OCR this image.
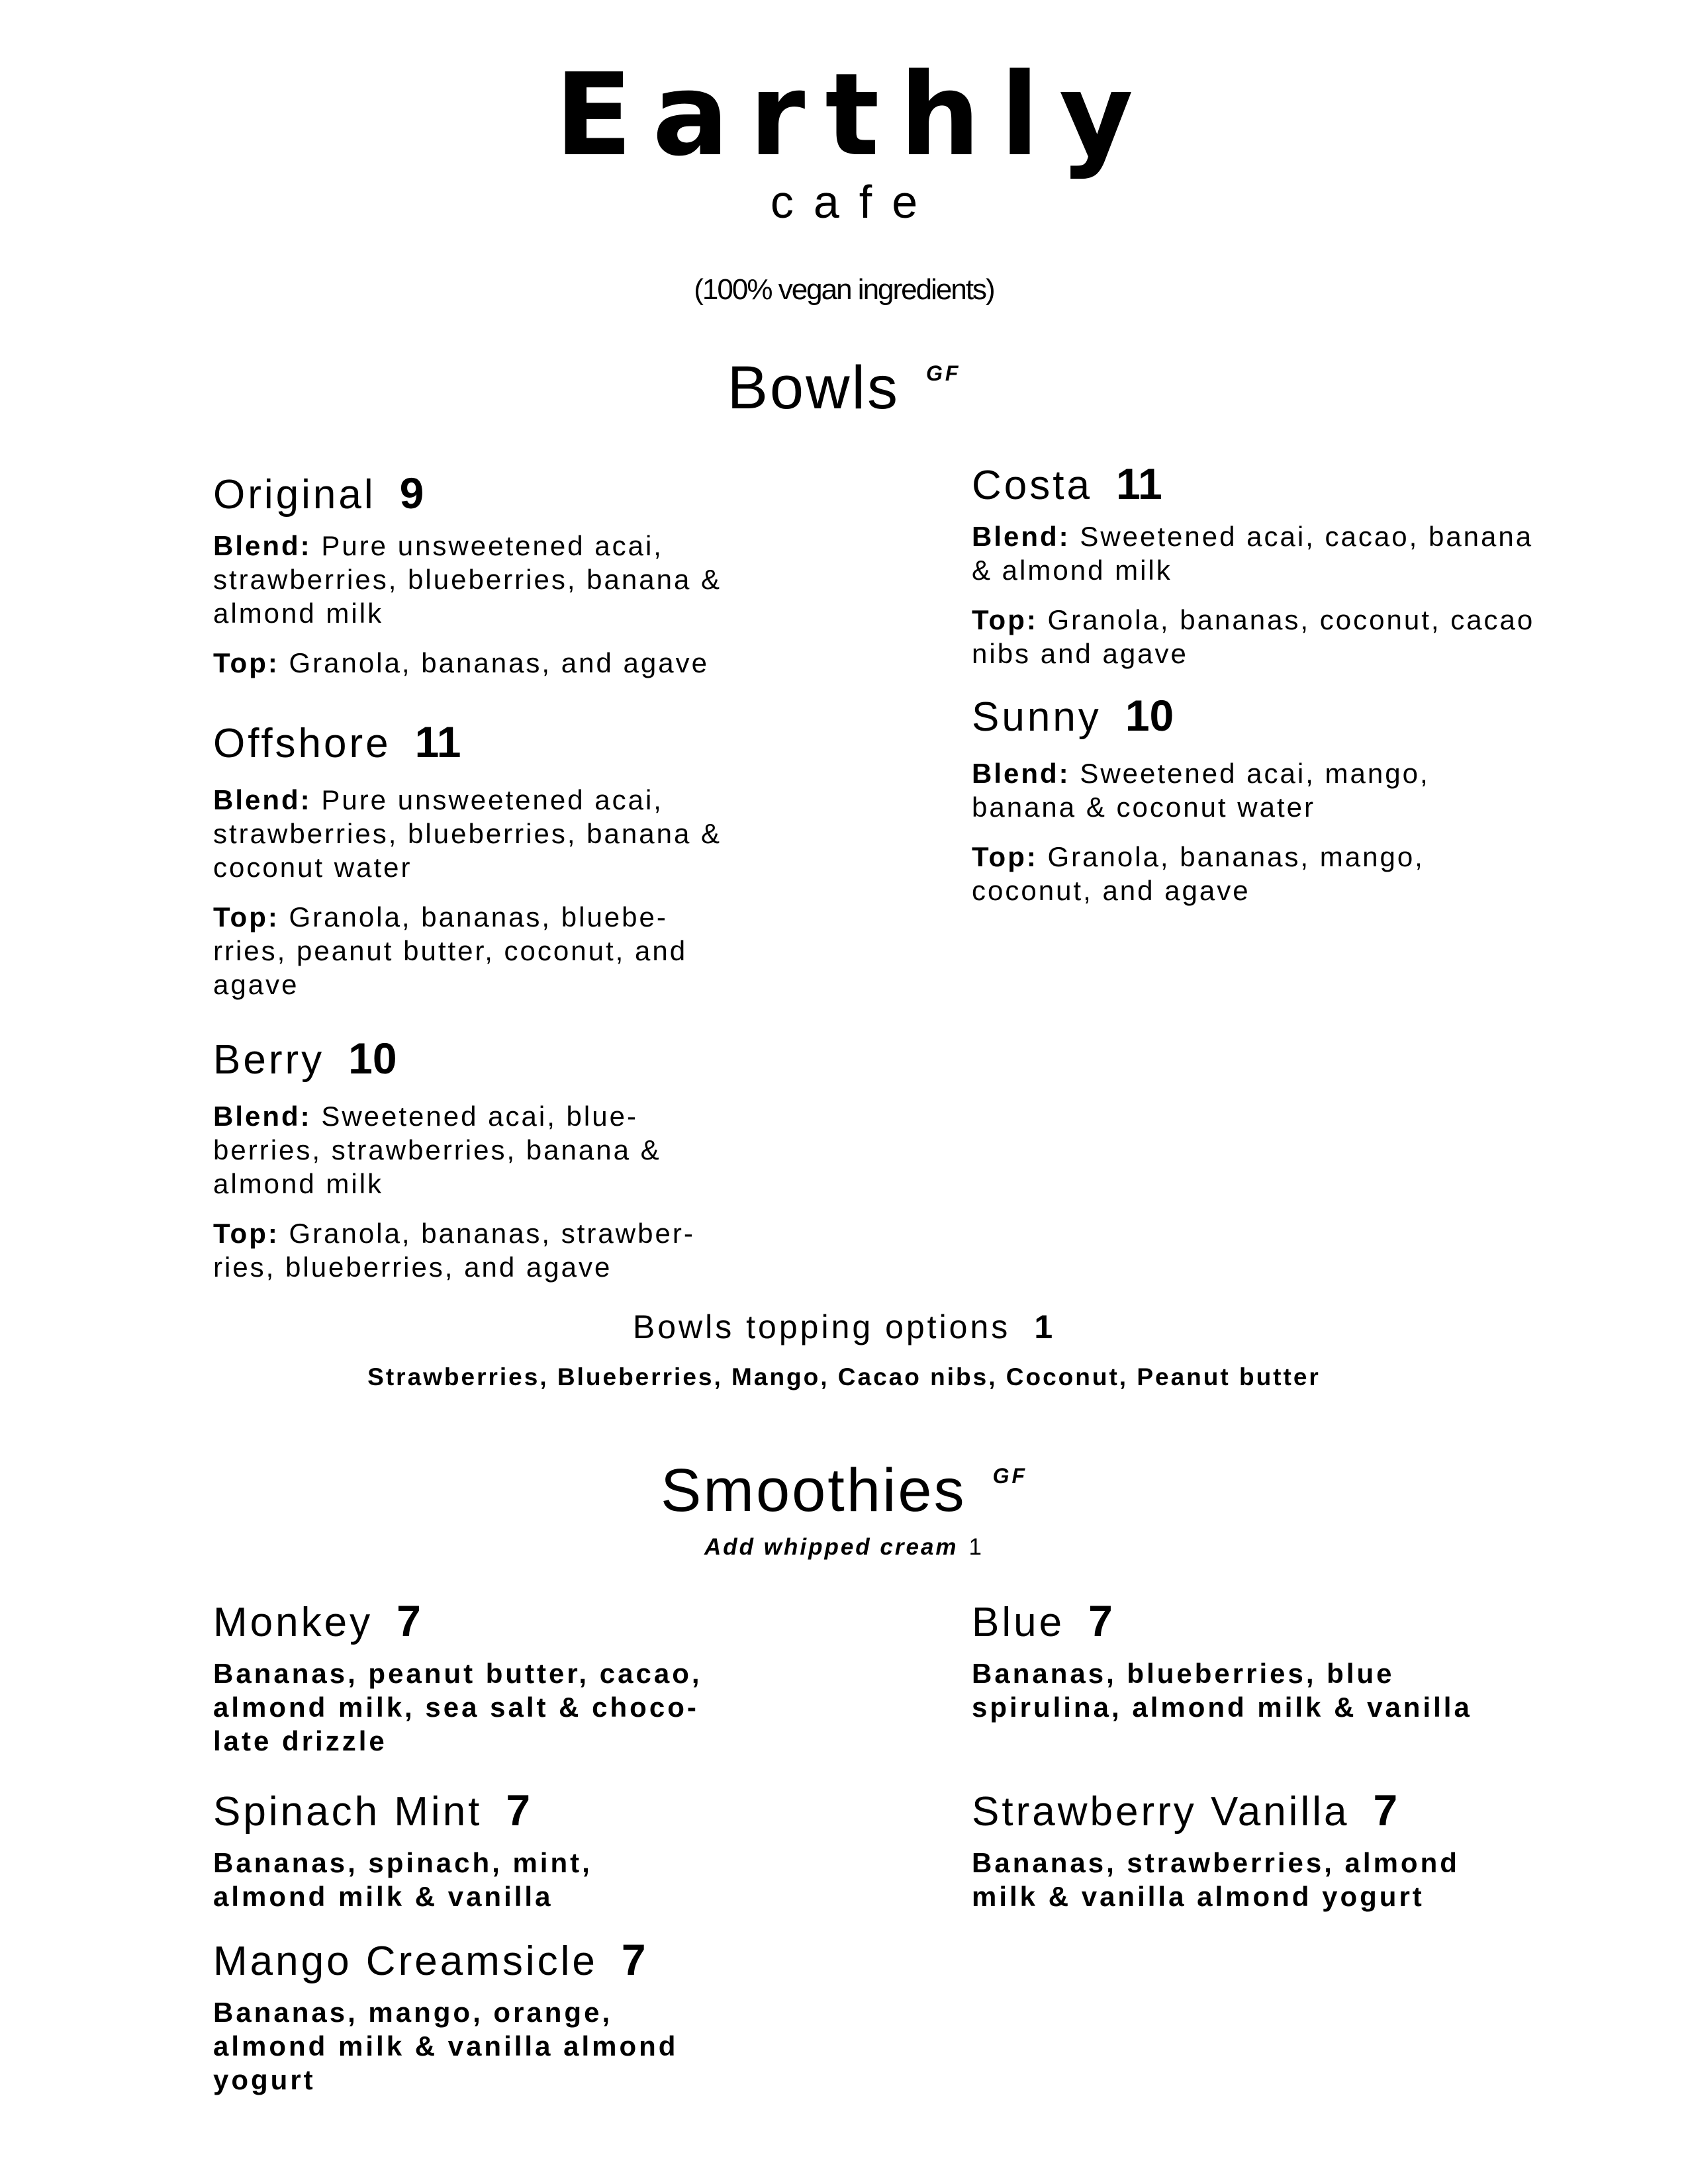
Earthly
cafe
(100% vegan ingredients)
Bowls $^{GF}$
Original 9

Blend: Pure unsweetened acai, strawberries, blueberries, banana & almond milk

Top: Granola, bananas, and agave

Offshore 11

Blend: Pure unsweetened acai, strawberries, blueberries, banana & coconut water

Top: Granola, bananas, blueberries, peanut butter, coconut, and agave

Berry 10

Blend: Sweetened acai, blueberries, strawberries, banana & almond milk

Top: Granola, bananas, strawberries, blueberries, and agave

Costa 11

Blend: Sweetened acai, cacao, banana & almond milk

Top: Granola, bananas, coconut, cacao nibs and agave

Sunny 10

Blend: Sweetened acai, mango, banana & coconut water

Top: Granola, bananas, mango, coconut, and agave

Bowls topping options 1
Strawberries, Blueberries, Mango, Cacao nibs, Coconut, Peanut butter
Smoothies $^{GF}$
Add whipped cream 1
Monkey 7

Bananas, peanut butter, cacao, almond milk, sea salt & chocolate drizzle

Spinach Mint 7

Bananas, spinach, mint, almond milk & vanilla

Mango Creamsicle 7

Bananas, mango, orange, almond milk & vanilla almond yogurt

Blue 7

Bananas, blueberries, blue spirulina, almond milk & vanilla

Strawberry Vanilla 7

Bananas, strawberries, almond milk & vanilla almond yogurt
